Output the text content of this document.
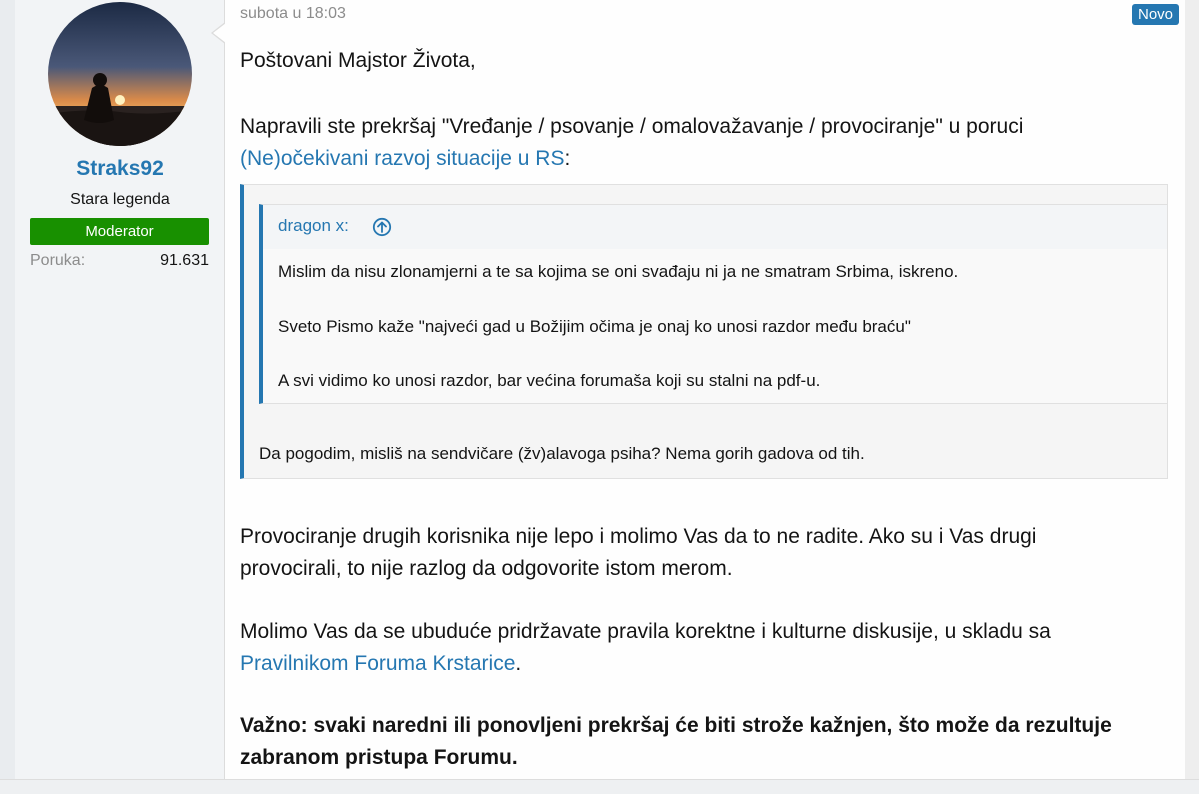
Straks92
Stara legenda
Moderator
Poruka:	91.631
subota u 18:03	Novo
Poštovani Majstor Života,
Napravili ste prekršaj "Vređanje / psovanje / omalovažavanje / provociranje" u poruci
(Ne)očekivani razvoj situacije u RS:
dragon x:
Mislim da nisu zlonamjerni a te sa kojima se oni svađaju ni ja ne smatram Srbima, iskreno.
Sveto Pismo kaže "najveći gad u Božijim očima je onaj ko unosi razdor među braću"
A svi vidimo ko unosi razdor, bar većina forumaša koji su stalni na pdf-u.
Da pogodim, misliš na sendvičare (žv)alavoga psiha? Nema gorih gadova od tih.
Provociranje drugih korisnika nije lepo i molimo Vas da to ne radite. Ako su i Vas drugi
provocirali, to nije razlog da odgovorite istom merom.
Molimo Vas da se ubuduće pridržavate pravila korektne i kulturne diskusije, u skladu sa
Pravilnikom Foruma Krstarice.
Važno: svaki naredni ili ponovljeni prekršaj će biti strože kažnjen, što može da rezultuje
zabranom pristupa Forumu.
